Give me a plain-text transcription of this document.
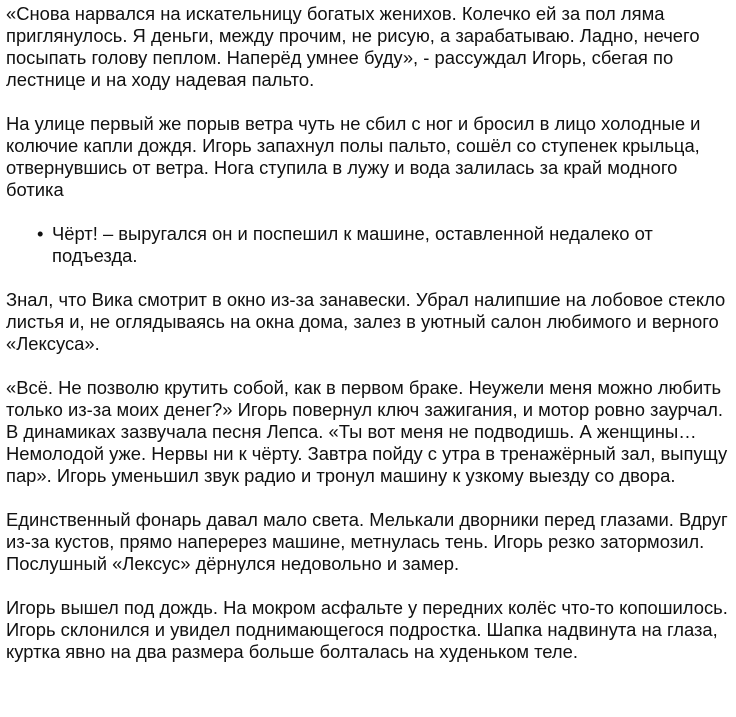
«Снова нарвался на искательницу богатых женихов. Колечко ей за пол ляма приглянулось. Я деньги, между прочим, не рисую, а зарабатываю. Ладно, нечего посыпать голову пеплом. Наперёд умнее буду», - рассуждал Игорь, сбегая по лестнице и на ходу надевая пальто.

На улице первый же порыв ветра чуть не сбил с ног и бросил в лицо холодные и колючие капли дождя. Игорь запахнул полы пальто, сошёл со ступенек крыльца, отвернувшись от ветра. Нога ступила в лужу и вода залилась за край модного ботика

• Чёрт! – выругался он и поспешил к машине, оставленной недалеко от подъезда.

Знал, что Вика смотрит в окно из-за занавески. Убрал налипшие на лобовое стекло листья и, не оглядываясь на окна дома, залез в уютный салон любимого и верного «Лексуса».

«Всё. Не позволю крутить собой, как в первом браке. Неужели меня можно любить только из-за моих денег?» Игорь повернул ключ зажигания, и мотор ровно заурчал. В динамиках зазвучала песня Лепса. «Ты вот меня не подводишь. А женщины… Немолодой уже. Нервы ни к чёрту. Завтра пойду с утра в тренажёрный зал, выпущу пар». Игорь уменьшил звук радио и тронул машину к узкому выезду со двора.

Единственный фонарь давал мало света. Мелькали дворники перед глазами. Вдруг из-за кустов, прямо наперерез машине, метнулась тень. Игорь резко затормозил. Послушный «Лексус» дёрнулся недовольно и замер.

Игорь вышел под дождь. На мокром асфальте у передних колёс что-то копошилось. Игорь склонился и увидел поднимающегося подростка. Шапка надвинута на глаза, куртка явно на два размера больше болталась на худеньком теле.
